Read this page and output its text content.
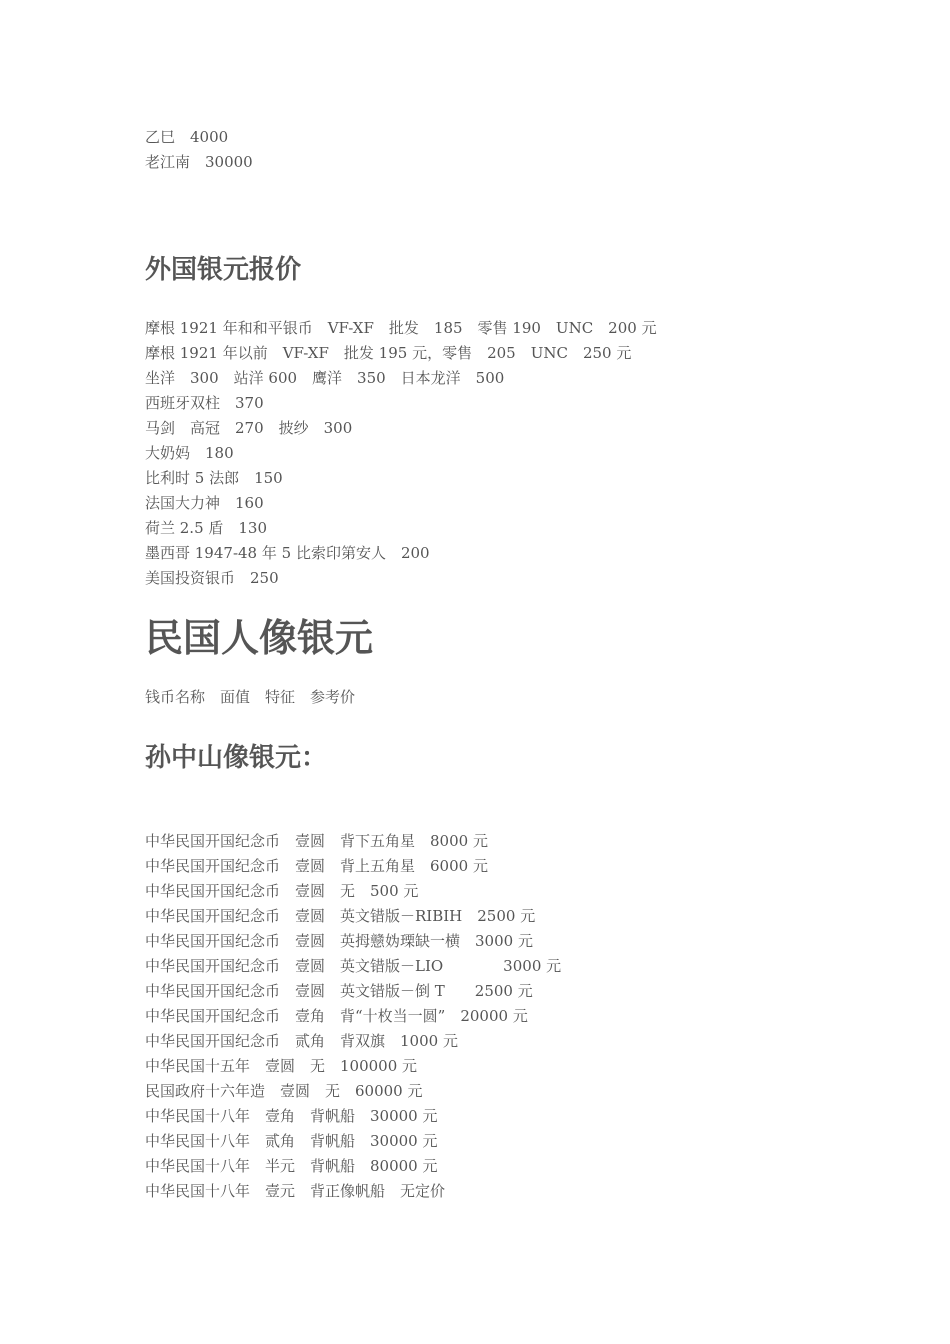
乙巳　4000
老江南　30000
外国银元报价
摩根 1921 年和和平银币　VF-XF　批发　185　零售 190　UNC　200 元
摩根 1921 年以前　VF-XF　批发 195 元，零售　205　UNC　250 元
坐洋　300　站洋 600　鹰洋　350　日本龙洋　500
西班牙双柱　370
马剑　高冠　270　披纱　300
大奶妈　180
比利时 5 法郎　150
法国大力神　160
荷兰 2.5 盾　130
墨西哥 1947-48 年 5 比索印第安人　200
美国投资银币　250
民国人像银元
钱币名称　面值　特征　参考价
孙中山像银元：
中华民国开国纪念币　壹圆　背下五角星　8000 元
中华民国开国纪念币　壹圆　背上五角星　6000 元
中华民国开国纪念币　壹圆　无　500 元
中华民国开国纪念币　壹圆　英文错版－RIBIH　2500 元
中华民国开国纪念币　壹圆　英拇戆妫瑮缺一横　3000 元
中华民国开国纪念币　壹圆　英文错版－LIO　　　　3000 元
中华民国开国纪念币　壹圆　英文错版－倒 T　　2500 元
中华民国开国纪念币　壹角　背“十枚当一圆”　20000 元
中华民国开国纪念币　贰角　背双旗　1000 元
中华民国十五年　壹圆　无　100000 元
民国政府十六年造　壹圆　无　60000 元
中华民国十八年　壹角　背帆船　30000 元
中华民国十八年　贰角　背帆船　30000 元
中华民国十八年　半元　背帆船　80000 元
中华民国十八年　壹元　背正像帆船　无定价
